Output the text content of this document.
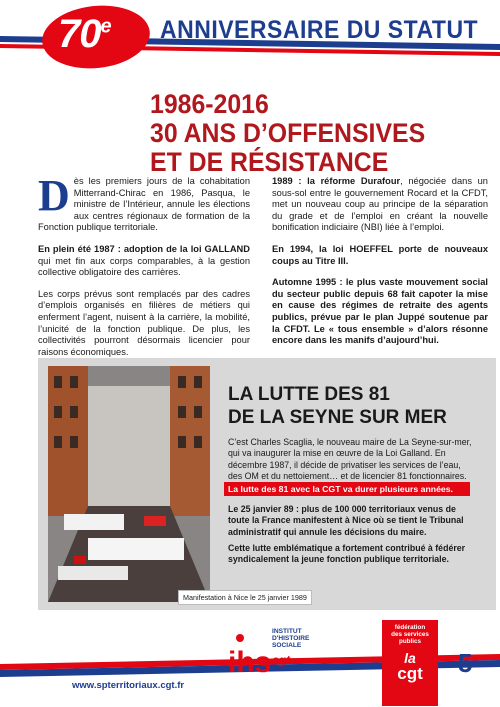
70e ANNIVERSAIRE DU STATUT
1986-2016
30 ANS D’OFFENSIVES
ET DE RÉSISTANCE

Dès les premiers jours de la cohabitation Mitterrand-Chirac en 1986, Pasqua, le ministre de l’Intérieur, annule les élections aux centres régionaux de formation de la Fonction publique territoriale.

En plein été 1987 : adoption de la loi GALLAND qui met fin aux corps comparables, à la gestion collective obligatoire des carrières.

Les corps prévus sont remplacés par des cadres d’emplois organisés en filières de métiers qui enferment l’agent, nuisent à la carrière, la mobilité, l’unicité de la fonction publique. De plus, les collectivités pourront désormais licencier pour raisons économiques.

1989 : la réforme Durafour, négociée dans un sous-sol entre le gouvernement Rocard et la CFDT, met un nouveau coup au principe de la séparation du grade et de l’emploi en créant la nouvelle bonification indiciaire (NBI) liée à l’emploi.

En 1994, la loi HOEFFEL porte de nouveaux coups au Titre III.

Automne 1995 : le plus vaste mouvement social du secteur public depuis 68 fait capoter la mise en cause des régimes de retraite des agents publics, prévue par le plan Juppé soutenue par la CFDT. Le « tous ensemble » d’alors résonne encore dans les manifs d’aujourd’hui.

Manifestation à Nice le 25 janvier 1989
LA LUTTE DES 81
DE LA SEYNE SUR MER
C’est Charles Scaglia, le nouveau maire de La Seyne-sur-mer, qui va inaugurer la mise en œuvre de la Loi Galland. En décembre 1987, il décide de privatiser les services de l’eau, des OM et du nettoiement… et de licencier 81 fonctionnaires.
La lutte des 81 avec la CGT va durer plusieurs années.
Le 25 janvier 89 : plus de 100 000 territoriaux venus de toute la France manifestent à Nice où se tient le Tribunal administratif qui annule les décisions du maire.
Cette lutte emblématique a fortement contribué à fédérer syndicalement la jeune fonction publique territoriale.
www.spterritoriaux.cgt.fr
ihs
INSTITUT
D'HISTOIRE
SOCIALE
cgt
fédération
des services
publics
la
cgt	5
